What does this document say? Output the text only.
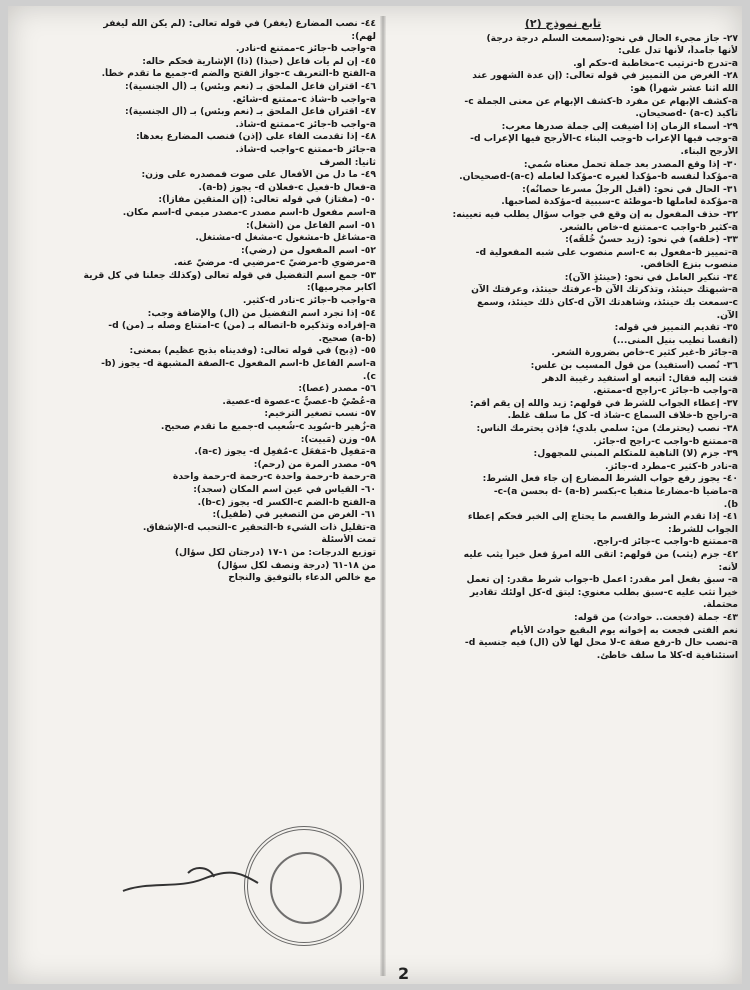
تابع نموذج (٢)
٢٧- جاز مجيء الحال في نحو:(سمعت السلم درجة درجة)
لأنها جامداً، لأنها تدل على:
a-تدرج b-ترتيب c-مخاطبة d-حكم أو.
٢٨- الغرض من التمييز في قوله تعالى: (إن عدة الشهور عند
الله اثنا عشر شهراً) هو:
a-كشف الإبهام عن مفرد b-كشف الإبهام عن معنى الجملة c-
تأكيد d- (a-c)صحيحان.
٢٩- أسماء الزمان إذا أضيفت إلى جملة صدرها معرب:
a-وجب فيها الإعراب b-وجب البناء c-الأرجح فيها الإعراب d-
الأرجح البناء.
٣٠- إذا وقع المصدر بعد جملة تحمل معناه سُمي:
a-مؤكداً لنفسه b-مؤكداً لغيره c-مؤكداً لعامله d-(a-c)صحيحان.
٣١- الحال في نحو: (أقبل الرجلُ مسرعاً حصانُه):
a-مؤكدة لعاملها b-موطئة c-سببية d-مؤكدة لصاحبها.
٣٢- حذف المفعول به إن وقع في جواب سؤال يطلب فيه تعيينه:
a-كثير b-واجب c-ممتنع d-خاص بالشعر.
٣٣- (خلقه) في نحو: (زيد حسنٌ خُلقَه):
a-تمييز b-مفعول به c-اسم منصوب على شبه المفعولية d-
منصوب بنزع الخافض.
٣٤- تنكير العامل في نحو: (حينئذٍ الآن):
a-شبهتك حينئذ، وتذكرتك الآن b-عرفتك حينئذ، وعرفتك الآن
c-سمعت بك حينئذ، وشاهدتك الآن d-كان ذلك حينئذ، وسمع
الآن.
٣٥- تقديم التمييز في قوله:
(أنفساً تطيب بنيل المنى...)
a-جائز b-غير كثير c-خاص بضرورة الشعر.
٣٦- نُصب (أستفيد) من قول المسيب بن علس:
فنت إليه فقال: أتبعه أو أستفيد رغيبة الدهر
a-واجب b-جائز c-راجح d-ممتنع.
٣٧- إعطاء الجواب للشرط في قولهم: زيد والله إن يقم أقم:
a-راجح b-خلاف السماع c-شاذ d- كل ما سلف غلط.
٣٨- نصب (يحترمك) من: سلمي بلدي؛ فإذن يحترمك الناس:
a-ممتنع b-واجب c-راجح d-جائز.
٣٩- جزم (لا) الناهية للمتكلم المبني للمجهول:
a-نادر b-كثير c-مطرد d-جائز.
٤٠- يجوز رفع جواب الشرط المضارع إن جاء فعل الشرط:
a-ماضياً b-مضارعاً منفياً c-بكسر d- (a-b) بحسن c-(a-
b).
٤١- إذا تقدم الشرط والقسم ما يحتاج إلى الخبر فحكم إعطاء
الجواب للشرط:
a-ممتنع b-واجب c-جائز d-راجح.
٤٢- جزم (يثب) من قولهم: اتقى الله امرؤ فعل خيراً يثب عليه
لأنه:
a- سبق بفعل أمر مقدر: اعمل b-جواب شرط مقدر: إن تعمل
خيراً تثب عليه c-سبق بطلب معنوي: ليتق d-كل أولئك تقادير
محتملة.
٤٣- جملة (فجعت.. حوادث) من قوله:
نعم الفتى فجعت به إخوانه يوم البقيع حوادث الأيام
a-نصب حال b-رفع صفة c-لا محل لها لأن (ال) فيه جنسية d-
استئنافية d-كلا ما سلف خاطئ.
٤٤- نصب المضارع (يغفر) في قوله تعالى: (لم يكن الله ليغفر
لهم):
a-واجب b-جائز c-ممتنع d-نادر.
٤٥- إن لم يأت فاعل (حبذا) (ذا) الإشارية فحكم حاله:
a-الفتح b-التعريف c-جواز الفتح والضم d-جميع ما تقدم خطأ.
٤٦- اقتران فاعل الملحق بـ (نعم وبئس) بـ (أل الجنسية):
a-واجب b-شاذ c-ممتنع d-شائع.
٤٧- اقتران فاعل الملحق بـ (نعم وبئس) بـ (أل الجنسية):
a-واجب b-جائز c-ممتنع d-شاذ.
٤٨- إذا تقدمت الفاء على (إذن) فنصب المضارع بعدها:
a-جائز b-ممتنع c-واجب d-شاذ.
ثانياً: الصرف
٤٩- ما دل من الأفعال على صوت فمصدره على وزن:
a-فعال b-فعيل c-فعلان d- يجوز (a-b).
٥٠- (مفتاز) في قوله تعالى: (إن المتقين مفازاً):
a-اسم مفعول b-اسم مصدر c-مصدر ميمي d-اسم مكان.
٥١- اسم الفاعل من (أشغل):
a-مشاغل b-مشغول c-مشغل d-مشتغل.
٥٢- اسم المفعول من (رضي):
a-مرضوي b-مرضيّ c-مرضيي d- مرضيّ عنه.
٥٣- جمع اسم التفضيل في قوله تعالى (وكذلك جعلنا في كل قرية
أكابر مجرميها):
a-واجب b-جائز c-نادر d-كثير.
٥٤- إذا تجرد اسم التفضيل من (أل) والإضافة وجب:
a-إفراده وتذكيره b-اتصاله بـ (من) c-امتناع وصله بـ (من) d-
(a-b) صحيح.
٥٥- (ذِبح) في قوله تعالى: (وفديناه بذبح عظيم) بمعنى:
a-اسم الفاعل b-اسم المفعول c-الصفة المشبهة d- يجوز (b-
c).
٥٦- مصدر (عصا):
a-عُصْيٌ b-عصيٌّ c-عصوة d-عصية.
٥٧- نسب تصغير الترخيم:
a-زُهير b-سُويد c-شُعيب d-جميع ما تقدم صحيح.
٥٨- وزن (مَبيت):
a-مَفعِل b-مَفعَل c-مُفعِل d- يجوز (a-c).
٥٩- مصدر المرة من (رحم):
a-رحمة b-رحمة واحدة c-رحمة d-رحمة واحدة
٦٠- القياس في عين اسم المكان (سجد):
a-الفتح b-الضم c-الكسر d- يجوز (b-c).
٦١- الغرض من التصغير في (طفيل):
a-تقليل ذات الشيء b-التحقير c-التحبب d-الإشفاق.
تمت الأسئلة
توزيع الدرجات: من ١-١٧ (درجتان لكل سؤال)
من ١٨-٦١ (درجة ونصف لكل سؤال)
مع خالص الدعاء بالتوفيق والنجاح
2
